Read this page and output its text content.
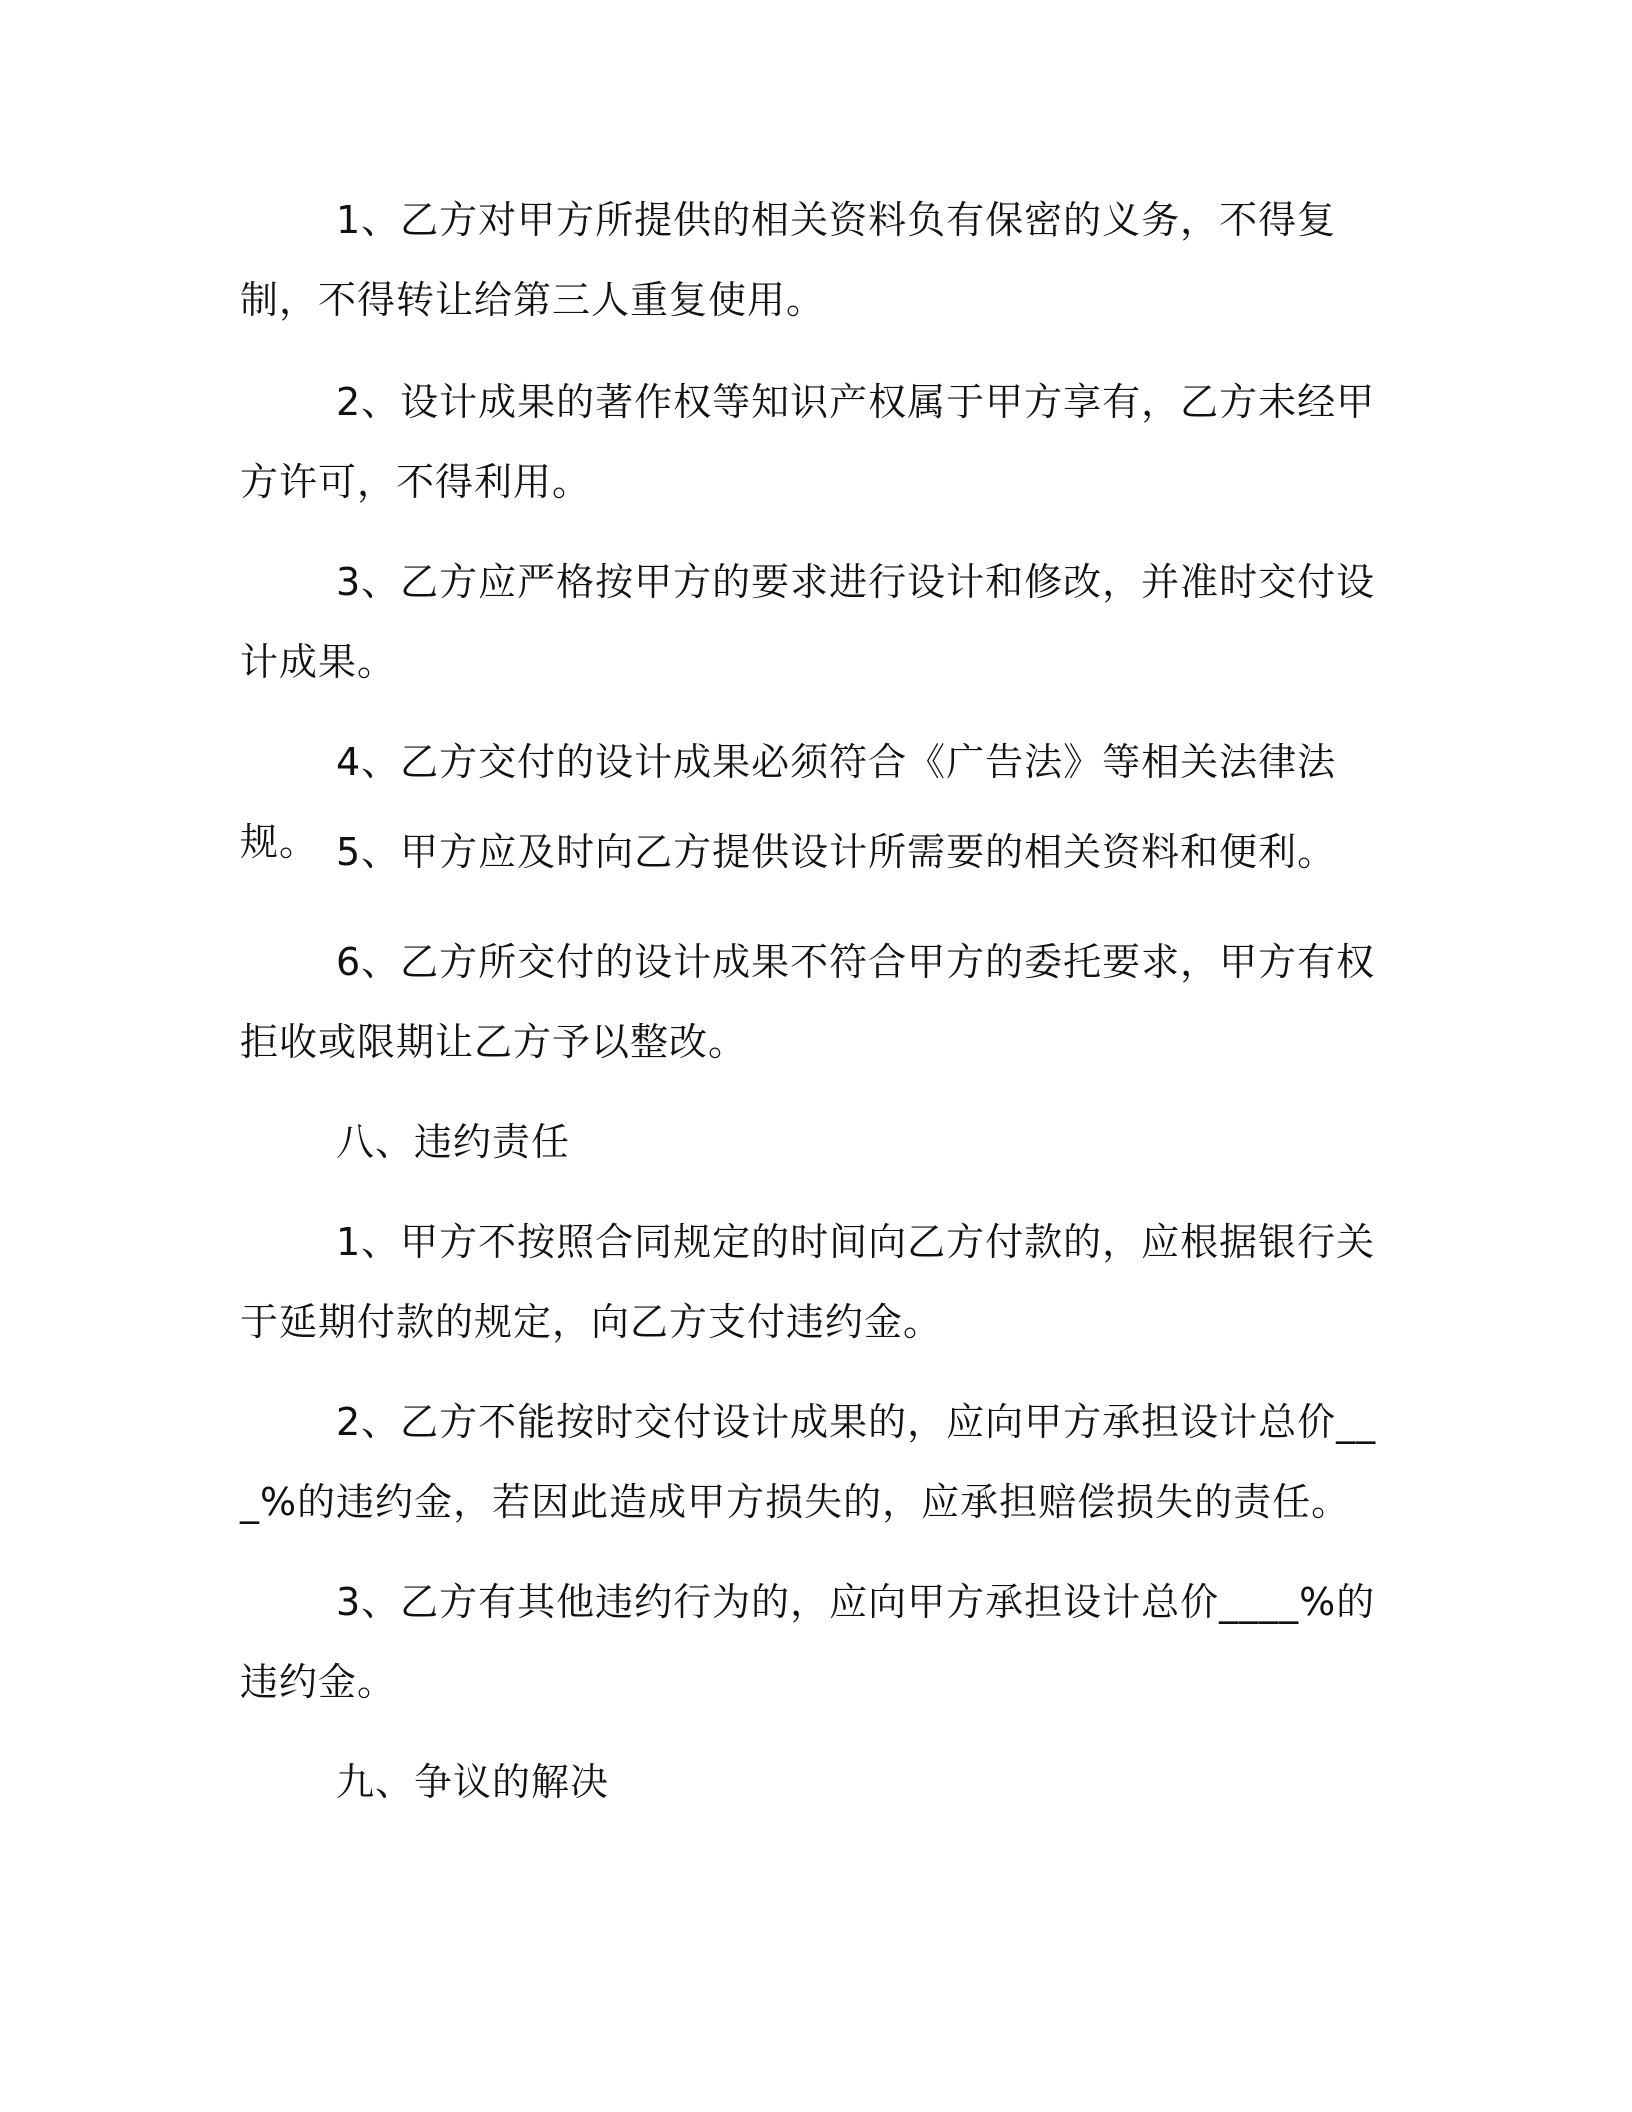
1、乙方对甲方所提供的相关资料负有保密的义务，不得复制，不得转让给第三人重复使用。

2、设计成果的著作权等知识产权属于甲方享有，乙方未经甲方许可，不得利用。

3、乙方应严格按甲方的要求进行设计和修改，并准时交付设计成果。

4、乙方交付的设计成果必须符合《广告法》等相关法律法规。 5、甲方应及时向乙方提供设计所需要的相关资料和便利。

6、乙方所交付的设计成果不符合甲方的委托要求，甲方有权拒收或限期让乙方予以整改。

八、违约责任

1、甲方不按照合同规定的时间向乙方付款的，应根据银行关于延期付款的规定，向乙方支付违约金。

2、乙方不能按时交付设计成果的，应向甲方承担设计总价___%的违约金，若因此造成甲方损失的，应承担赔偿损失的责任。

3、乙方有其他违约行为的，应向甲方承担设计总价____%的违约金。

九、争议的解决
